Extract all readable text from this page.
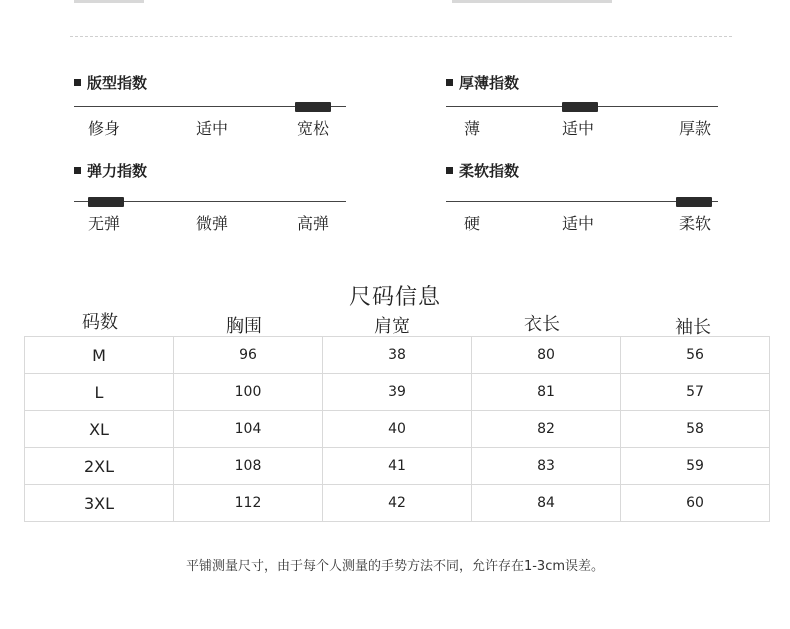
版型指数
修身	适中	宽松
厚薄指数
薄	适中	厚款
弹力指数
无弹	微弹	高弹
柔软指数
硬	适中	柔软
尺码信息
码数	胸围	肩宽	衣长	袖长
M	96	38	80	56
L	100	39	81	57
XL	104	40	82	58
2XL	108	41	83	59
3XL	112	42	84	60
平铺测量尺寸，由于每个人测量的手势方法不同，允许存在1-3cm误差。
